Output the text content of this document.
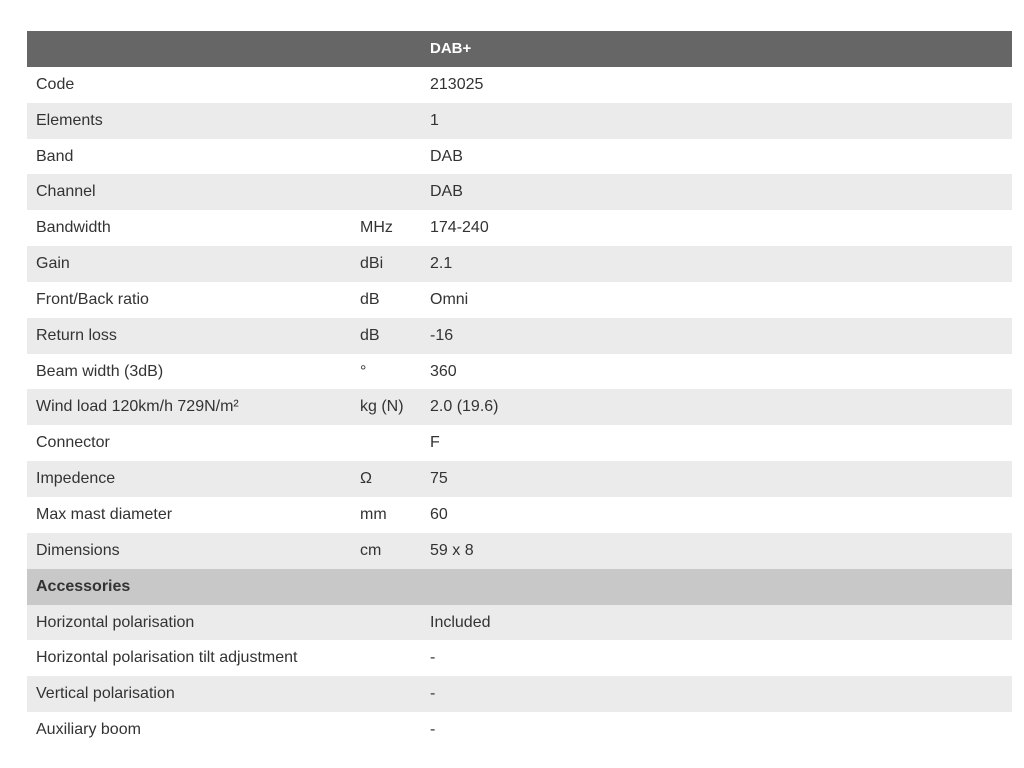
		DAB+
Code		213025
Elements		1
Band		DAB
Channel		DAB
Bandwidth	MHz	174-240
Gain	dBi	2.1
Front/Back ratio	dB	Omni
Return loss	dB	-16
Beam width (3dB)	°	360
Wind load 120km/h 729N/m²	kg (N)	2.0 (19.6)
Connector		F
Impedence	Ω	75
Max mast diameter	mm	60
Dimensions	cm	59 x 8
Accessories		
Horizontal polarisation		Included
Horizontal polarisation tilt adjustment		-
Vertical polarisation		-
Auxiliary boom		-
